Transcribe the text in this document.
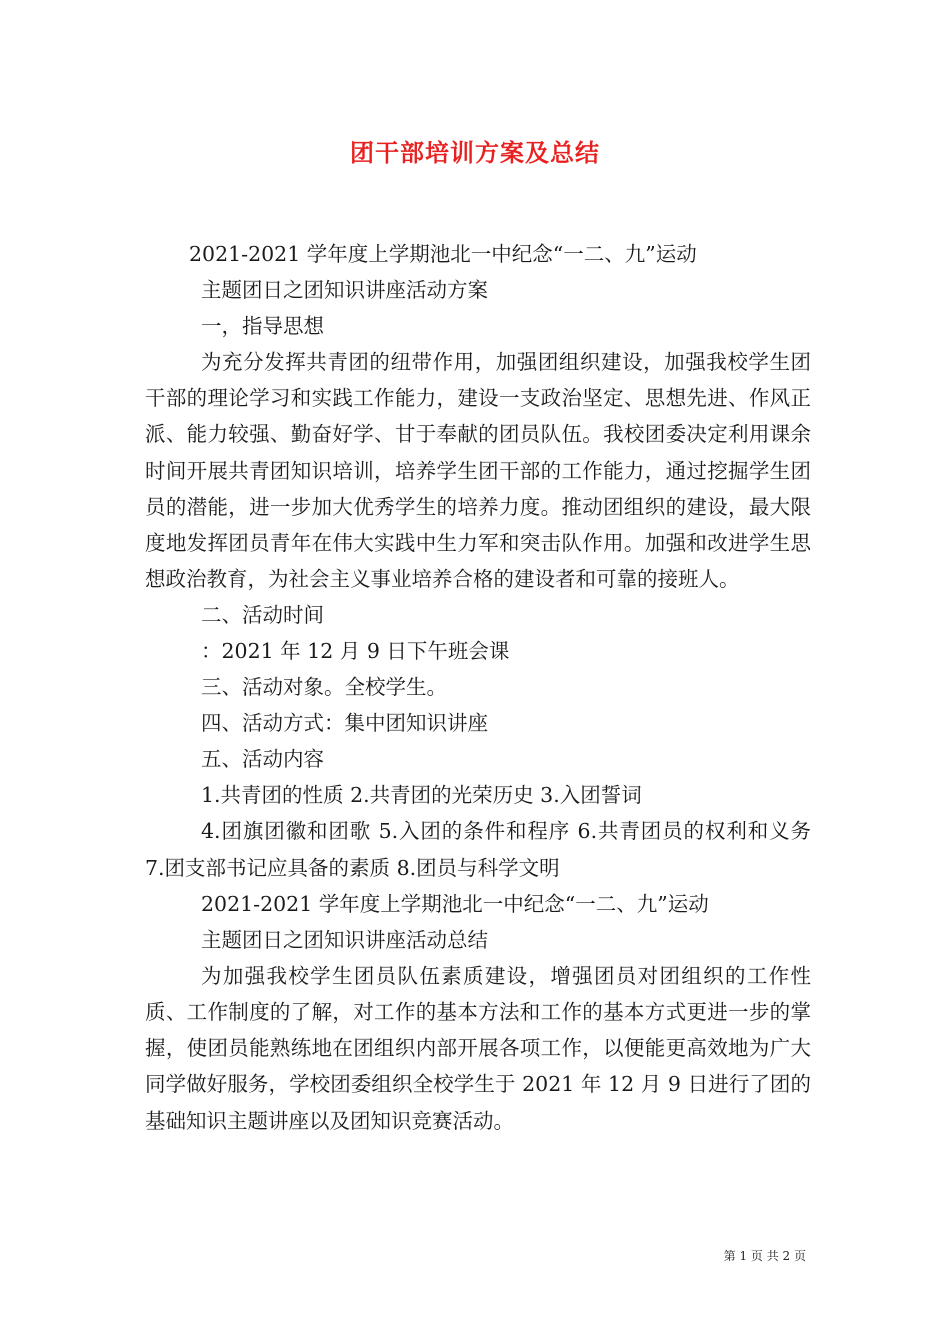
团干部培训方案及总结
2021-2021 学年度上学期池北一中纪念“一二、九”运动
主题团日之团知识讲座活动方案
一，指导思想

为充分发挥共青团的纽带作用，加强团组织建设，加强我校学生团干部的理论学习和实践工作能力，建设一支政治坚定、思想先进、作风正派、能力较强、勤奋好学、甘于奉献的团员队伍。我校团委决定利用课余时间开展共青团知识培训，培养学生团干部的工作能力，通过挖掘学生团员的潜能，进一步加大优秀学生的培养力度。推动团组织的建设，最大限度地发挥团员青年在伟大实践中生力军和突击队作用。加强和改进学生思想政治教育，为社会主义事业培养合格的建设者和可靠的接班人。

二、活动时间
：2021 年 12 月 9 日下午班会课
三、活动对象。全校学生。
四、活动方式：集中团知识讲座
五、活动内容
1.共青团的性质 2.共青团的光荣历史 3.入团誓词

4.团旗团徽和团歌 5.入团的条件和程序 6.共青团员的权利和义务 7.团支部书记应具备的素质 8.团员与科学文明

2021-2021 学年度上学期池北一中纪念“一二、九”运动
主题团日之团知识讲座活动总结

为加强我校学生团员队伍素质建设，增强团员对团组织的工作性质、工作制度的了解，对工作的基本方法和工作的基本方式更进一步的掌握，使团员能熟练地在团组织内部开展各项工作，以便能更高效地为广大同学做好服务，学校团委组织全校学生于 2021 年 12 月 9 日进行了团的基础知识主题讲座以及团知识竞赛活动。

第 1 页 共 2 页
